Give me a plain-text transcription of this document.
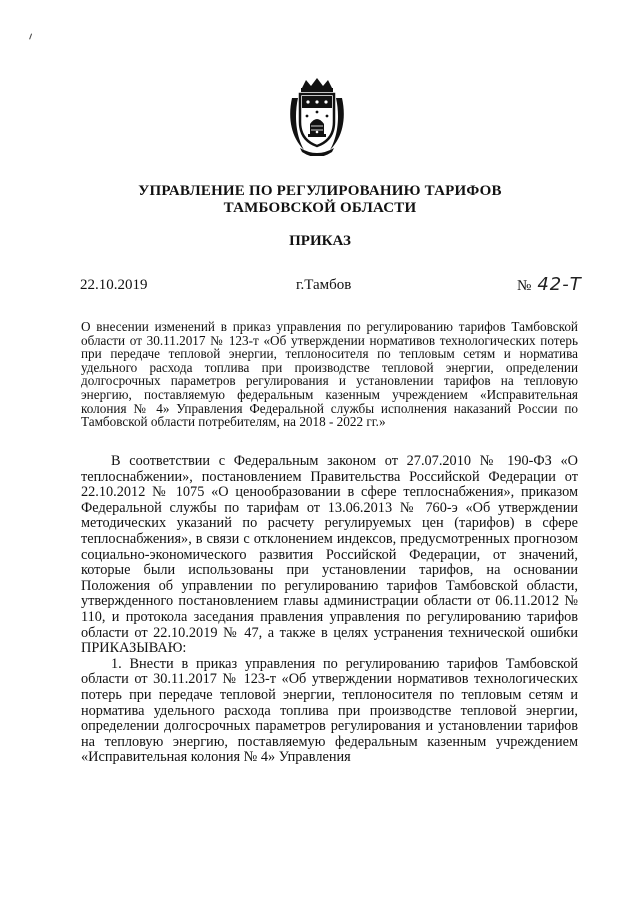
УПРАВЛЕНИЕ ПО РЕГУЛИРОВАНИЮ ТАРИФОВ
ТАМБОВСКОЙ ОБЛАСТИ
ПРИКАЗ
22.10.2019	г.Тамбов	№ 42-Т
О внесении изменений в приказ управления по регулированию тарифов Тамбовской области от 30.11.2017 № 123-т «Об утверждении нормативов технологических потерь при передаче тепловой энергии, теплоносителя по тепловым сетям и норматива удельного расхода топлива при производстве тепловой энергии, определении долгосрочных параметров регулирования и установлении тарифов на тепловую энергию, поставляемую федеральным казенным учреждением «Исправительная колония № 4» Управления Федеральной службы исполнения наказаний России по Тамбовской области потребителям, на 2018 - 2022 гг.»

В соответствии с Федеральным законом от 27.07.2010 № 190-ФЗ «О теплоснабжении», постановлением Правительства Российской Федерации от 22.10.2012 № 1075 «О ценообразовании в сфере теплоснабжения», приказом Федеральной службы по тарифам от 13.06.2013 № 760-э «Об утверждении методических указаний по расчету регулируемых цен (тарифов) в сфере теплоснабжения», в связи с отклонением индексов, предусмотренных прогнозом социально-экономического развития Российской Федерации, от значений, которые были использованы при установлении тарифов, на основании Положения об управлении по регулированию тарифов Тамбовской области, утвержденного постановлением главы администрации области от 06.11.2012 № 110, и протокола заседания правления управления по регулированию тарифов области от 22.10.2019 № 47, а также в целях устранения технической ошибки ПРИКАЗЫВАЮ:

1. Внести в приказ управления по регулированию тарифов Тамбовской области от 30.11.2017 № 123-т «Об утверждении нормативов технологических потерь при передаче тепловой энергии, теплоносителя по тепловым сетям и норматива удельного расхода топлива при производстве тепловой энергии, определении долгосрочных параметров регулирования и установлении тарифов на тепловую энергию, поставляемую федеральным казенным учреждением «Исправительная колония № 4» Управления
